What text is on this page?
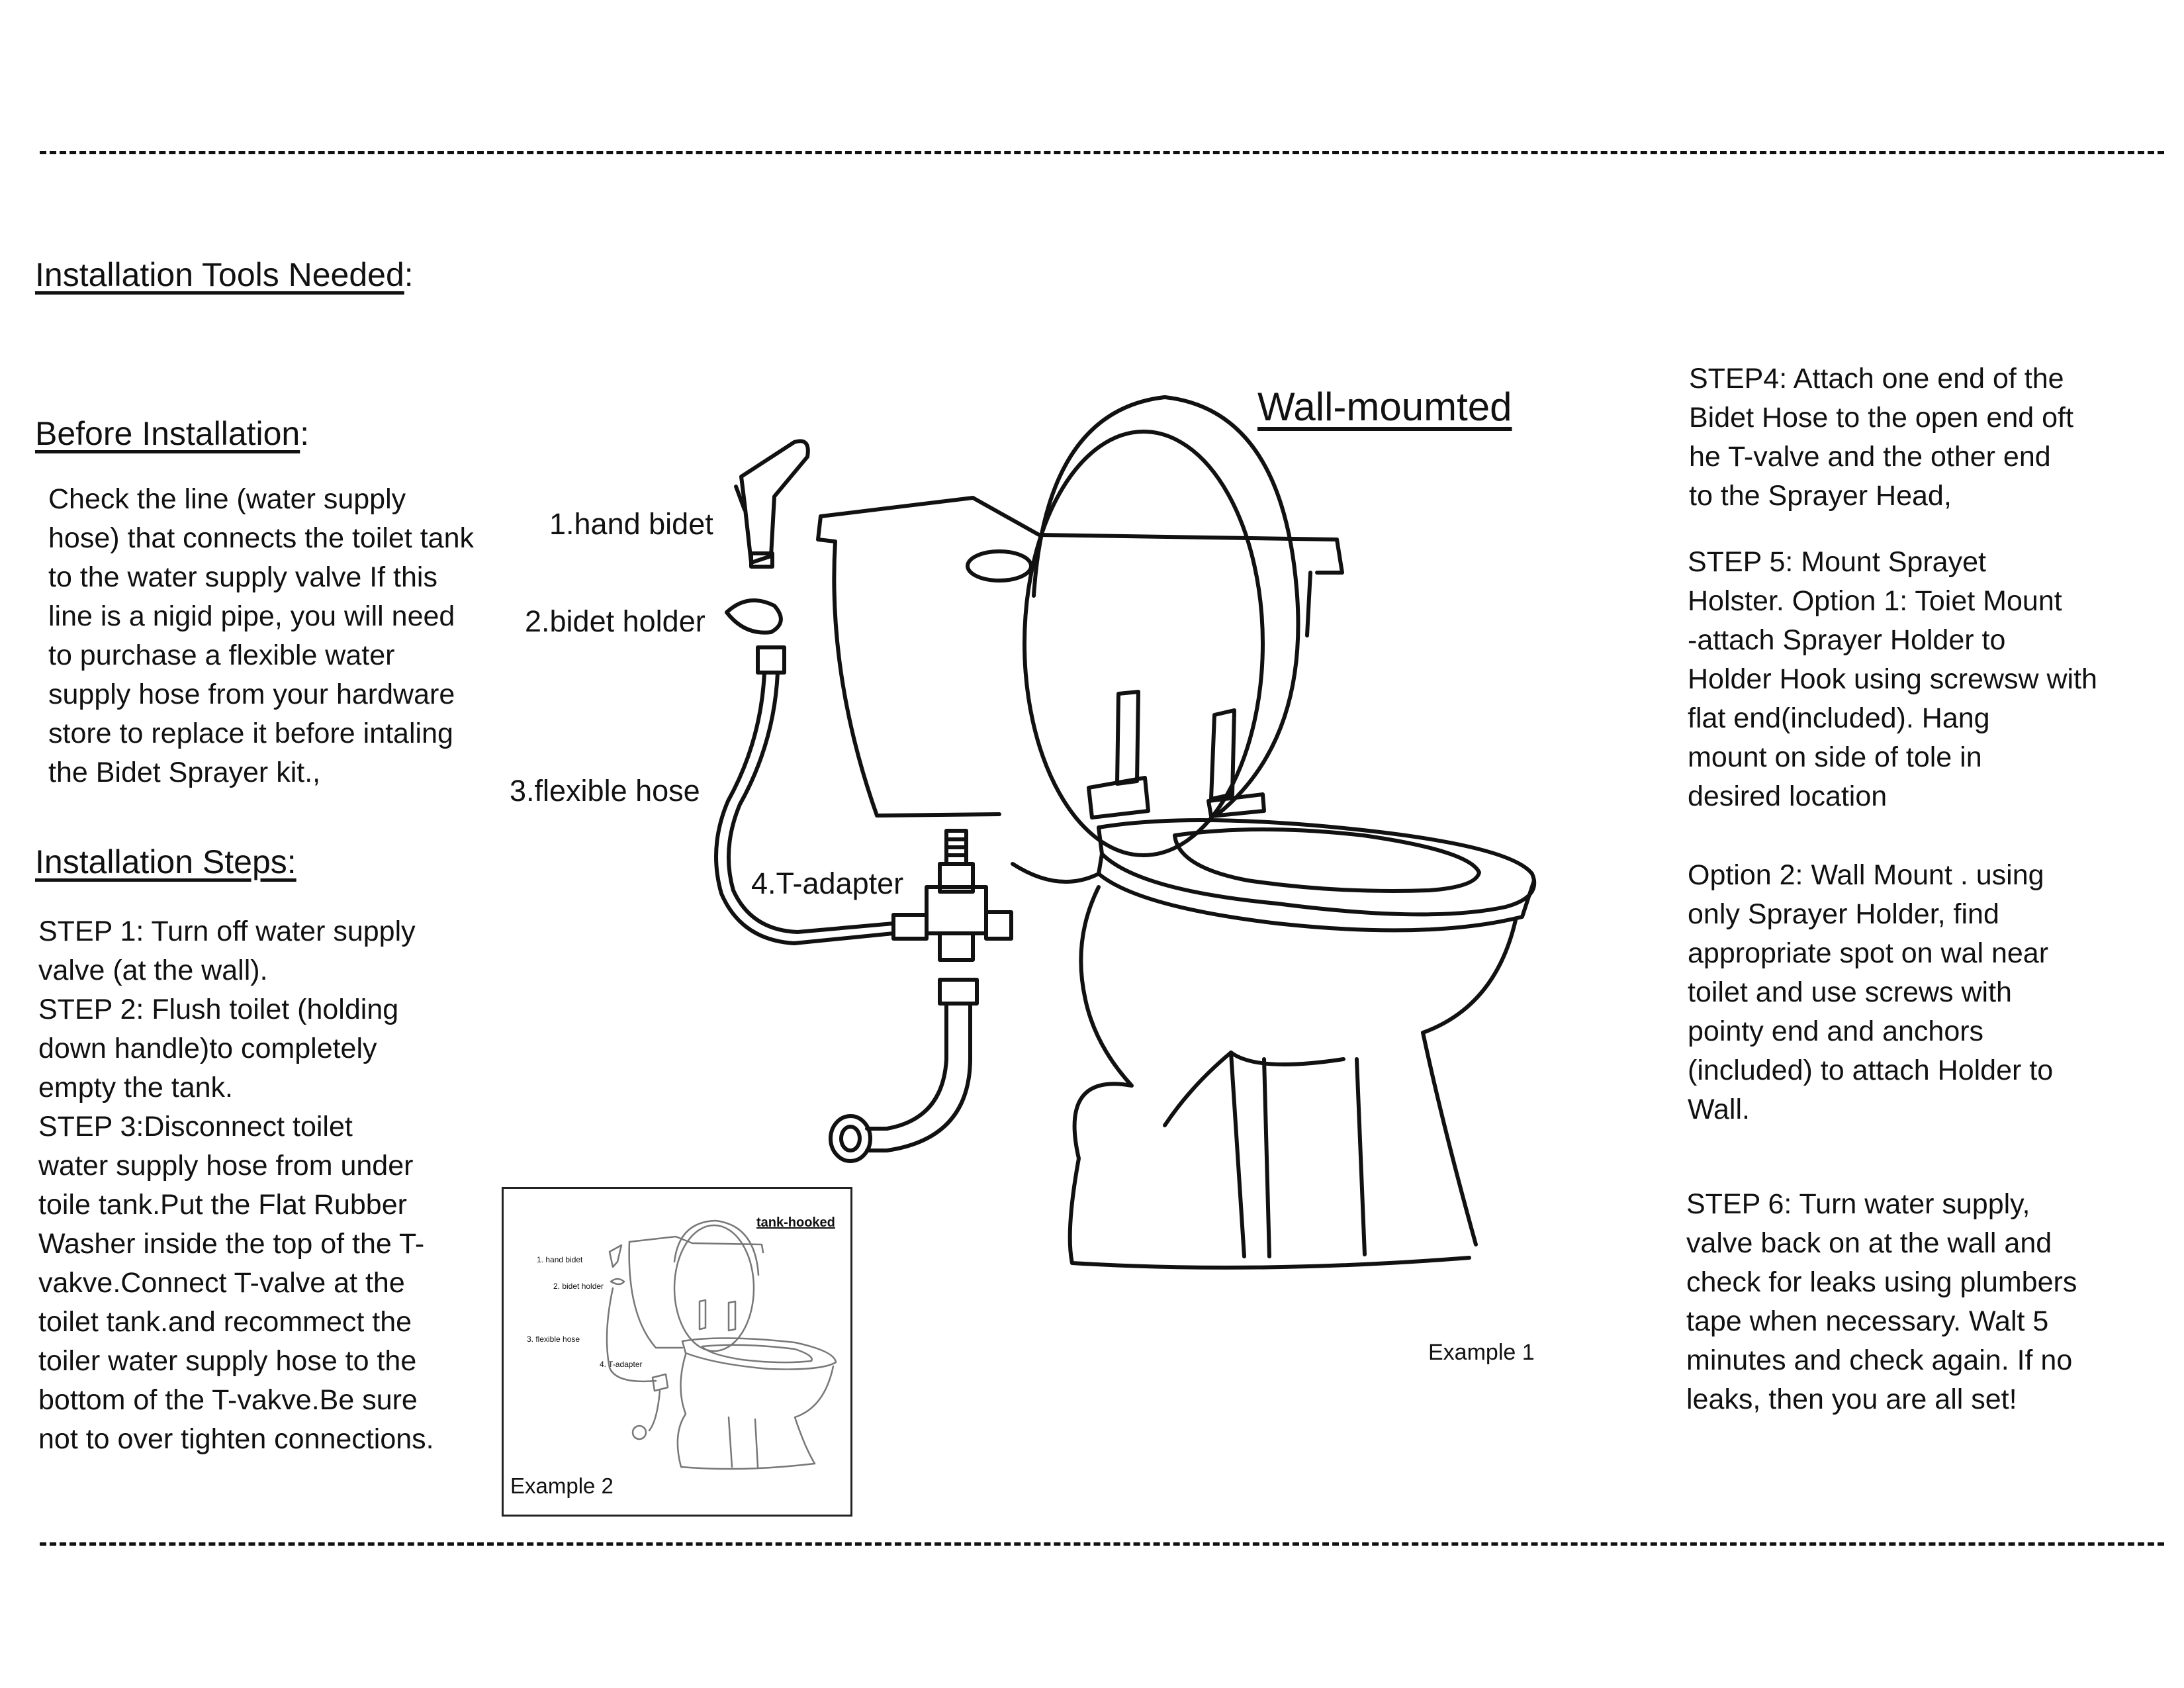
Installation Tools Needed:
Before Installation:
Check the line (water supply
hose) that connects the toilet tank
to the water supply valve If this
line is a nigid pipe, you will need
to purchase a flexible water
supply hose from your hardware
store to replace it before intaling
the Bidet Sprayer kit.,
Installation Steps:
STEP 1: Turn off water supply
valve (at the wall).
STEP 2: Flush toilet (holding
down handle)to completely
empty the tank.
STEP 3:Disconnect toilet
water supply hose from under
toile tank.Put the Flat Rubber
Washer inside the top of the T-
vakve.Connect T-valve at the
toilet tank.and recommect the
toiler water supply hose to the
bottom of the T-vakve.Be sure
not to over tighten connections.
Wall-moumted
1.hand bidet
2.bidet holder
3.flexible hose
4.T-adapter
Example 1
tank-hooked
1. hand bidet
2. bidet holder
3. flexible hose
4. T-adapter
Example 2
STEP4: Attach one end of the
Bidet Hose to the open end oft
he T-valve and the other end
to the Sprayer Head,
STEP 5: Mount Sprayet
Holster. Option 1: Toiet Mount
-attach Sprayer Holder to
Holder Hook using screwsw with
flat end(included). Hang
mount on side of tole in
desired location
Option 2: Wall Mount . using
only Sprayer Holder, find
appropriate spot on wal near
toilet and use screws with
pointy end and anchors
(included) to attach Holder to
Wall.
STEP 6: Turn water supply,
valve back on at the wall and
check for leaks using plumbers
tape when necessary. Walt 5
minutes and check again. If no
leaks, then you are all set!
